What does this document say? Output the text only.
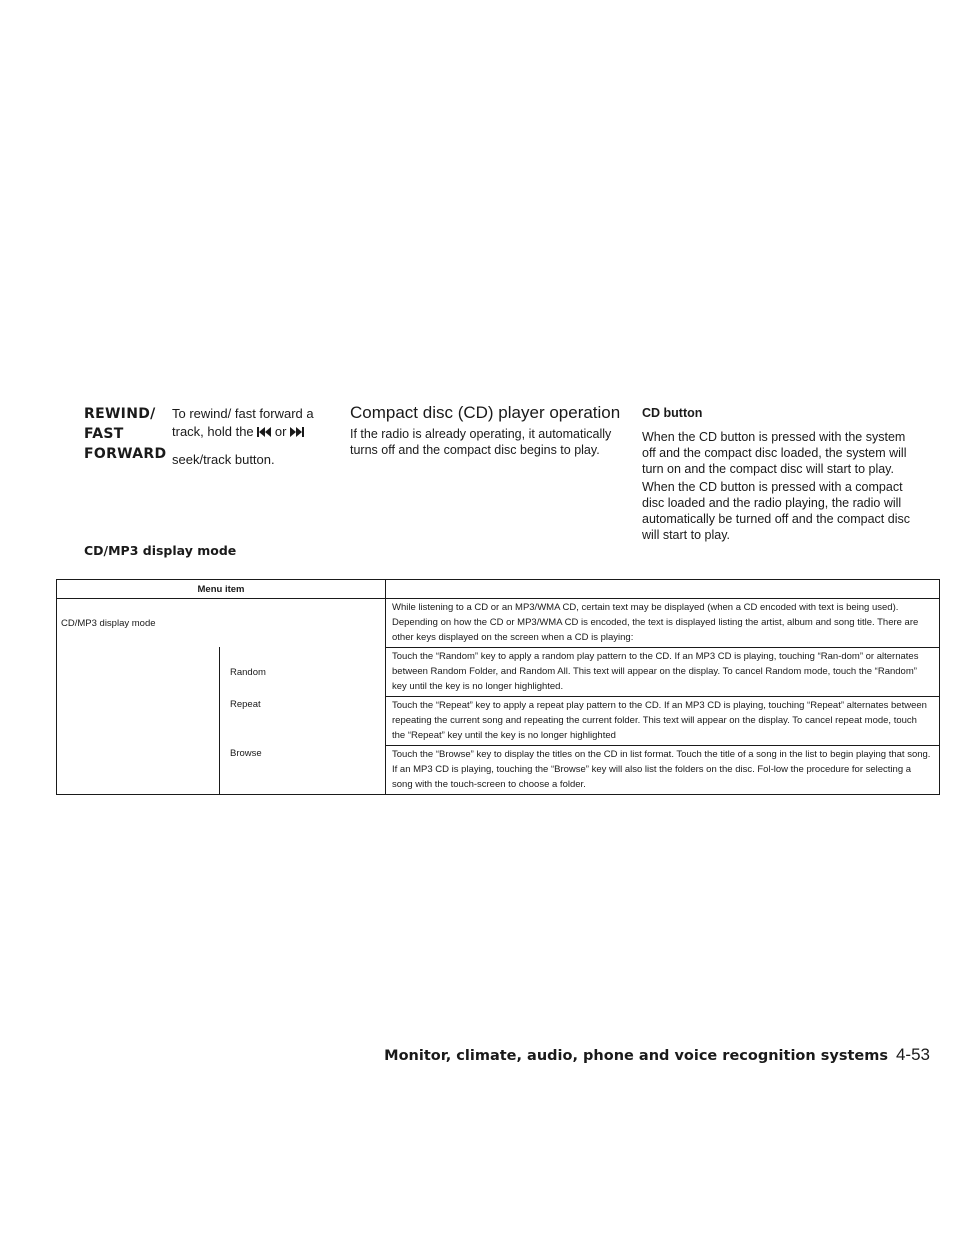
REWIND/
FAST
FORWARD
To rewind/ fast forward a
track, hold the or
seek/track button.
Compact disc (CD) player operation
If the radio is already operating, it automatically turns off and the compact disc begins to play.
CD button
When the CD button is pressed with the system off and the compact disc loaded, the system will turn on and the compact disc will start to play.
When the CD button is pressed with a compact disc loaded and the radio playing, the radio will automatically be turned off and the compact disc will start to play.
CD/MP3 display mode
Menu item
CD/MP3 display mode
While listening to a CD or an MP3/WMA CD, certain text may be displayed (when a CD encoded with text is being used). Depending on how the CD or MP3/WMA CD is encoded, the text is displayed listing the artist, album and song title. There are other keys displayed on the screen when a CD is playing:
Random
Touch the “Random” key to apply a random play pattern to the CD. If an MP3 CD is playing, touching “Ran-dom” or alternates between Random Folder, and Random All. This text will appear on the display. To cancel Random mode, touch the “Random” key until the key is no longer highlighted.
Repeat	Touch the “Repeat” key to apply a repeat play pattern to the CD. If an MP3 CD is playing, touching “Repeat” alternates between repeating the current song and repeating the current folder. This text will appear on the display. To cancel repeat mode, touch the “Repeat” key until the key is no longer highlighted
Browse	Touch the “Browse” key to display the titles on the CD in list format. Touch the title of a song in the list to begin playing that song. If an MP3 CD is playing, touching the “Browse” key will also list the folders on the disc. Fol-low the procedure for selecting a song with the touch-screen to choose a folder.
Monitor, climate, audio, phone and voice recognition systems 4-53
